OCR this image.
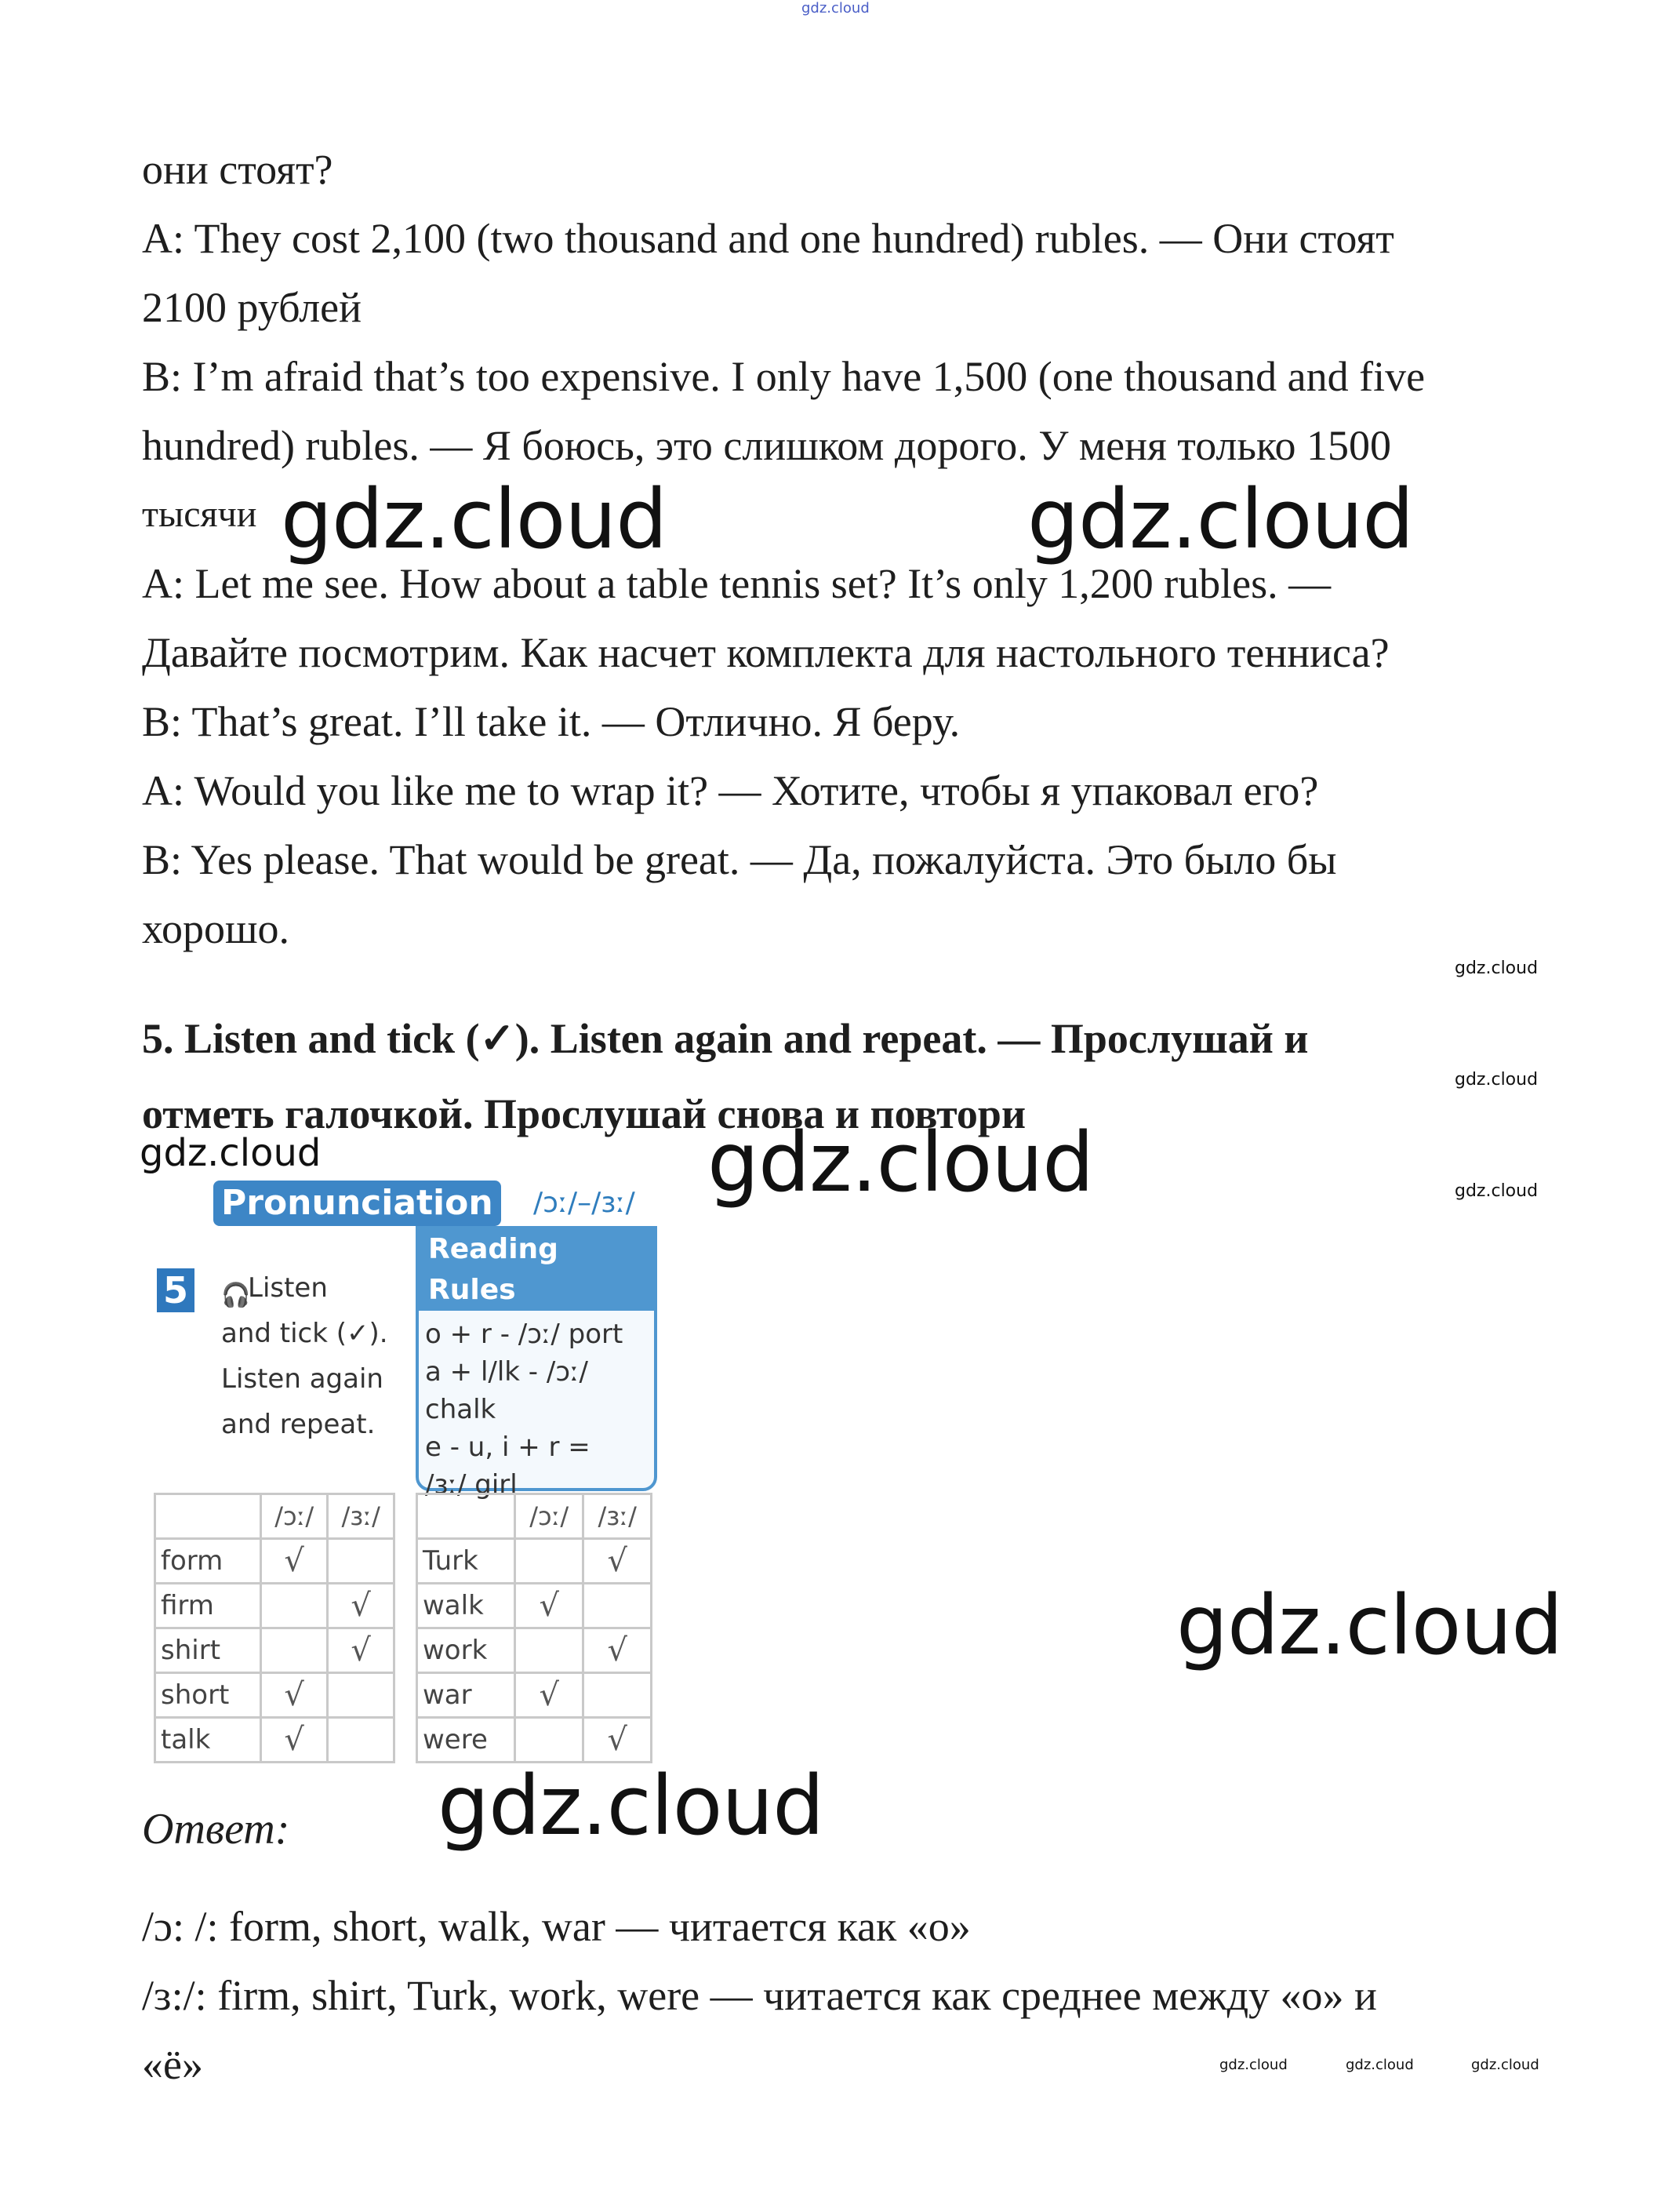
gdz.cloud
они стоят?
A: They cost 2,100 (two thousand and one hundred) rubles. — Они стоят
2100 рублей
B: I’m afraid that’s too expensive. I only have 1,500 (one thousand and five
hundred) rubles. — Я боюсь, это слишком дорого. У меня только 1500
тысячи
A: Let me see. How about a table tennis set? It’s only 1,200 rubles. —
Давайте посмотрим. Как насчет комплекта для настольного тенниса?
B: That’s great. I’ll take it. — Отлично. Я беру.
A: Would you like me to wrap it? — Хотите, чтобы я упаковал его?
B: Yes please. That would be great. — Да, пожалуйста. Это было бы
хорошо.
gdz.cloud	gdz.cloud
gdz.cloud
gdz.cloud
gdz.cloud
5. Listen and tick (✓). Listen again and repeat. — Прослушай и
отметь галочкой. Прослушай снова и повтори
gdz.cloud	gdz.cloud
Pronunciation /ɔː/–/ɜː/
5 🎧
Listen
and tick (✓).
Listen again
and repeat.
Reading Rules
o + r - /ɔː/ port
a + l/lk - /ɔː/
chalk
e - u, i + r =
/ɜː/ girl
	/ɔː/	/ɜː/
form	√	
firm		√
shirt		√
short	√	
talk	√	
	/ɔː/	/ɜː/
Turk		√
walk	√	
work		√
war	√	
were		√
gdz.cloud
gdz.cloud
Ответ:
/ɔ: /: form, short, walk, war — читается как «о»
/ɜ:/: firm, shirt, Turk, work, were — читается как среднее между «о» и
«ё»	gdz.cloud	gdz.cloud	gdz.cloud
